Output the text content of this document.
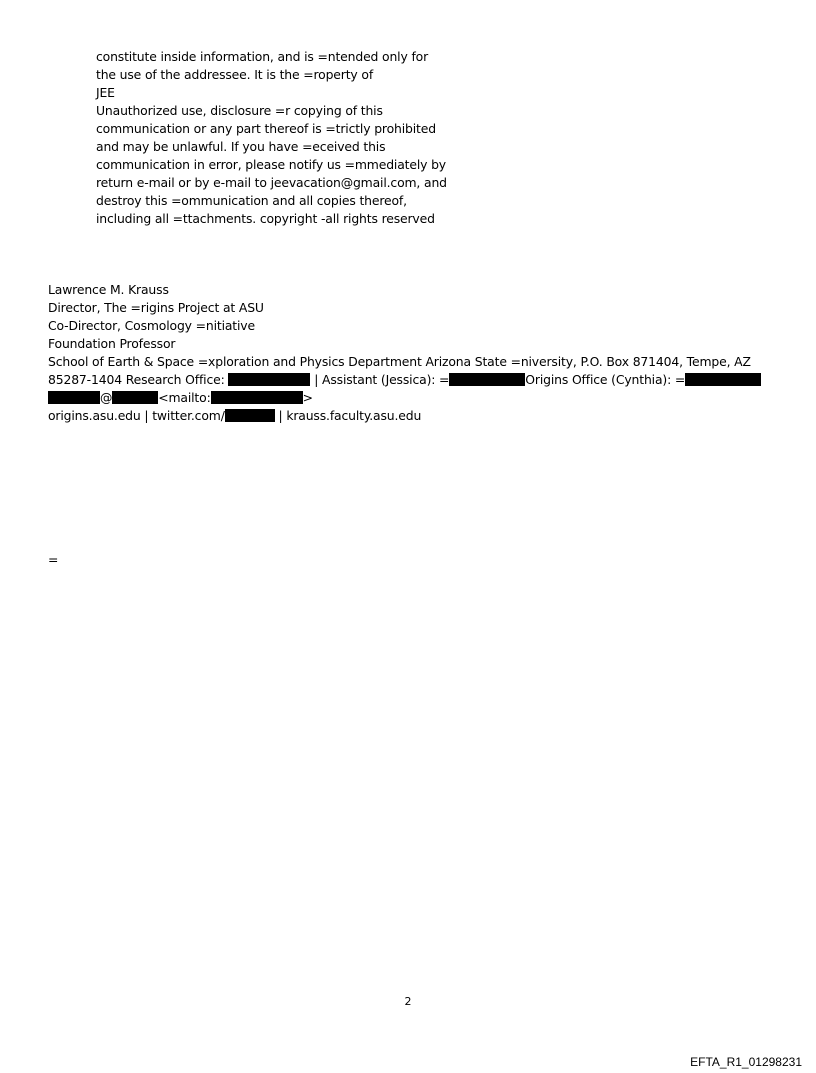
constitute inside information, and is =ntended only for
the use of the addressee. It is the =roperty of
JEE
Unauthorized use, disclosure =r copying of this
communication or any part thereof is =trictly prohibited
and may be unlawful. If you have =eceived this
communication in error, please notify us =mmediately by
return e-mail or by e-mail to jeevacation@gmail.com, and
destroy this =ommunication and all copies thereof,
including all =ttachments. copyright -all rights reserved
Lawrence M. Krauss
Director, The =rigins Project at ASU
Co-Director, Cosmology =nitiative
Foundation Professor
School of Earth & Space =xploration and Physics Department Arizona State =niversity, P.O. Box 871404, Tempe, AZ
85287-1404 Research Office:	| Assistant (Jessica): =	Origins Office (Cynthia): =
@	<mailto:	>
origins.asu.edu | twitter.com/	| krauss.faculty.asu.edu
=
2
EFTA_R1_01298231
